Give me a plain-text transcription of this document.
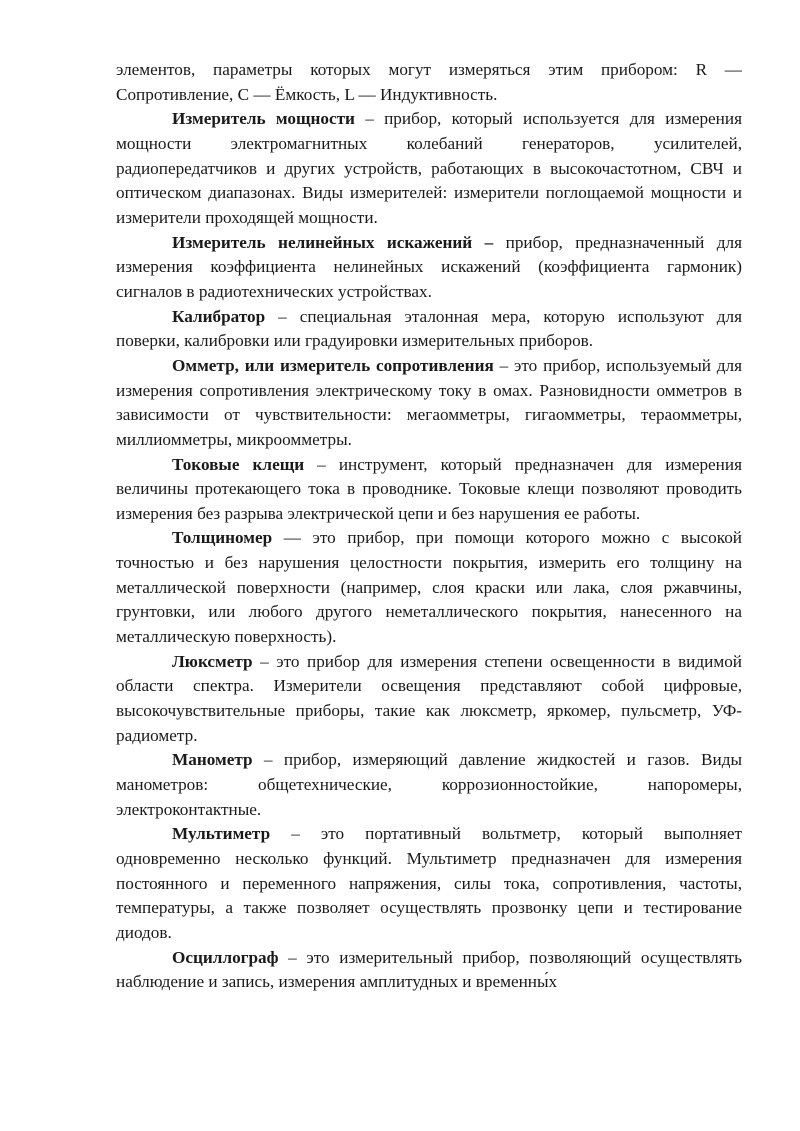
элементов, параметры которых могут измеряться этим прибором: R — Сопротивление, С — Ёмкость, L — Индуктивность.

Измеритель мощности – прибор, который используется для измерения мощности электромагнитных колебаний генераторов, усилителей, радиопередатчиков и других устройств, работающих в высокочастотном, СВЧ и оптическом диапазонах. Виды измерителей: измерители поглощаемой мощности и измерители проходящей мощности.

Измеритель нелинейных искажений – прибор, предназначенный для измерения коэффициента нелинейных искажений (коэффициента гармоник) сигналов в радиотехнических устройствах.

Калибратор – специальная эталонная мера, которую используют для поверки, калибровки или градуировки измерительных приборов.

Омметр, или измеритель сопротивления – это прибор, используемый для измерения сопротивления электрическому току в омах. Разновидности омметров в зависимости от чувствительности: мегаомметры, гигаомметры, тераомметры, миллиомметры, микроомметры.

Токовые клещи – инструмент, который предназначен для измерения величины протекающего тока в проводнике. Токовые клещи позволяют проводить измерения без разрыва электрической цепи и без нарушения ее работы.

Толщиномер — это прибор, при помощи которого можно с высокой точностью и без нарушения целостности покрытия, измерить его толщину на металлической поверхности (например, слоя краски или лака, слоя ржавчины, грунтовки, или любого другого неметаллического покрытия, нанесенного на металлическую поверхность).

Люксметр – это прибор для измерения степени освещенности в видимой области спектра. Измерители освещения представляют собой цифровые, высокочувствительные приборы, такие как люксметр, яркомер, пульсметр, УФ-радиометр.

Манометр – прибор, измеряющий давление жидкостей и газов. Виды манометров: общетехнические, коррозионностойкие, напоромеры, электроконтактные.

Мультиметр – это портативный вольтметр, который выполняет одновременно несколько функций. Мультиметр предназначен для измерения постоянного и переменного напряжения, силы тока, сопротивления, частоты, температуры, а также позволяет осуществлять прозвонку цепи и тестирование диодов.

Осциллограф – это измерительный прибор, позволяющий осуществлять наблюдение и запись, измерения амплитудных и временны́х
